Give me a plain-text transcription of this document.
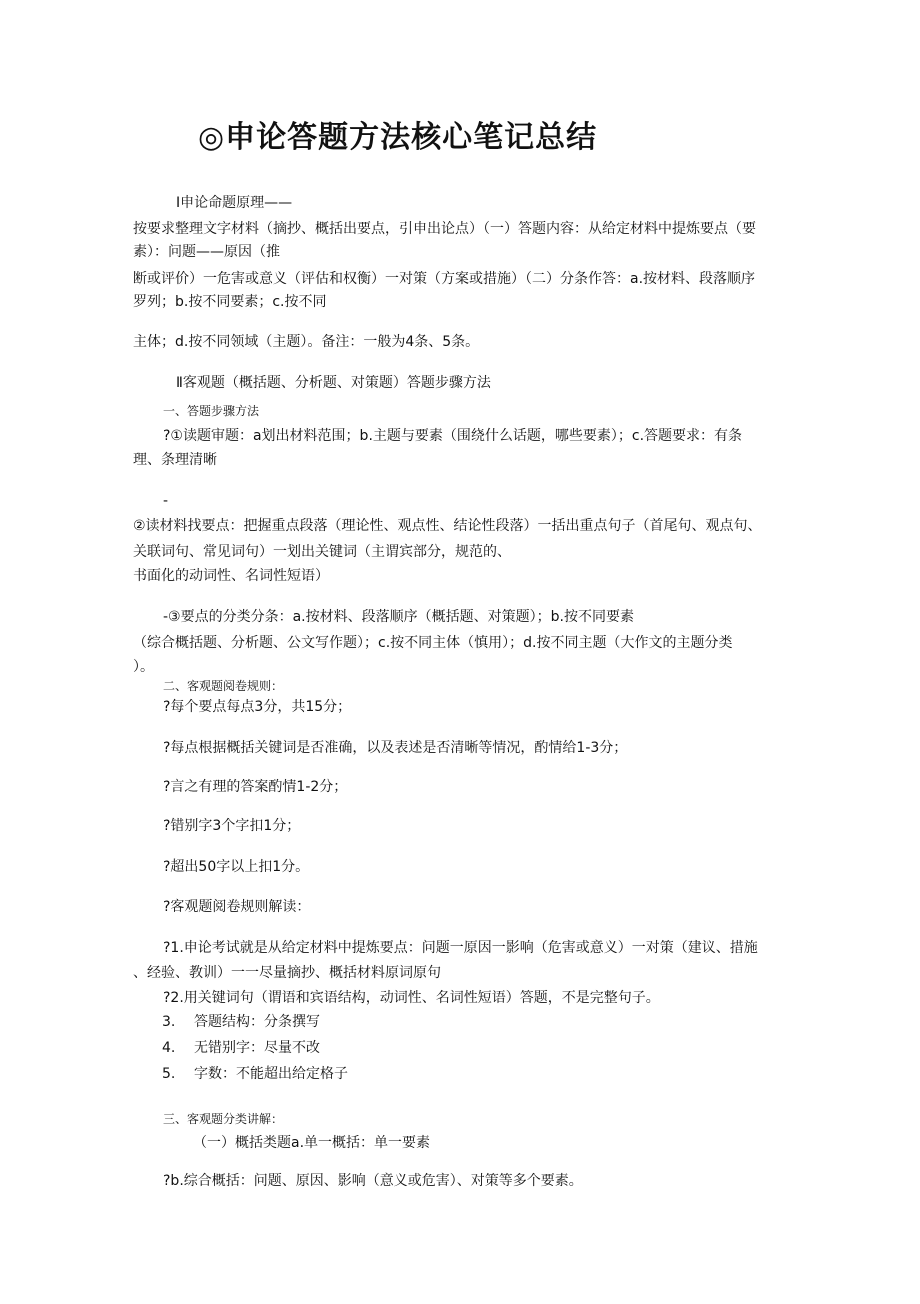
◎申论答题方法核心笔记总结
Ⅰ申论命题原理——
按要求整理文字材料（摘抄、概括出要点，引申出论点）（一）答题内容：从给定材料中提炼要点（要
素）：问题——原因（推
断或评价）一危害或意义（评估和权衡）一对策（方案或措施）（二）分条作答：a.按材料、段落顺序
罗列；b.按不同要素；c.按不同
主体；d.按不同领域（主题）。备注：一般为4条、5条。
Ⅱ客观题（概括题、分析题、对策题）答题步骤方法
一、答题步骤方法
?①读题审题：a划出材料范围；b.主题与要素（围绕什么话题，哪些要素）；c.答题要求：有条
理、条理清晰
-
②读材料找要点：把握重点段落（理论性、观点性、结论性段落）一括出重点句子（首尾句、观点句、
关联词句、常见词句）一划出关键词（主谓宾部分，规范的、
书面化的动词性、名词性短语）
-③要点的分类分条：a.按材料、段落顺序（概括题、对策题）；b.按不同要素
（综合概括题、分析题、公文写作题）；c.按不同主体（慎用）；d.按不同主题（大作文的主题分类
）。
二、客观题阅卷规则：
?每个要点每点3分，共15分；
?每点根据概括关键词是否准确，以及表述是否清晰等情况，酌情给1-3分；
?言之有理的答案酌情1-2分；
?错别字3个字扣1分；
?超出50字以上扣1分。
?客观题阅卷规则解读：
?1.申论考试就是从给定材料中提炼要点：问题一原因一影响（危害或意义）一对策（建议、措施
、经验、教训）一一尽量摘抄、概括材料原词原句
?2.用关键词句（谓语和宾语结构，动词性、名词性短语）答题，不是完整句子。
3. 答题结构：分条撰写
4. 无错别字：尽量不改
5. 字数：不能超出给定格子
三、客观题分类讲解：
（一）概括类题a.单一概括：单一要素
?b.综合概括：问题、原因、影响（意义或危害）、对策等多个要素。
